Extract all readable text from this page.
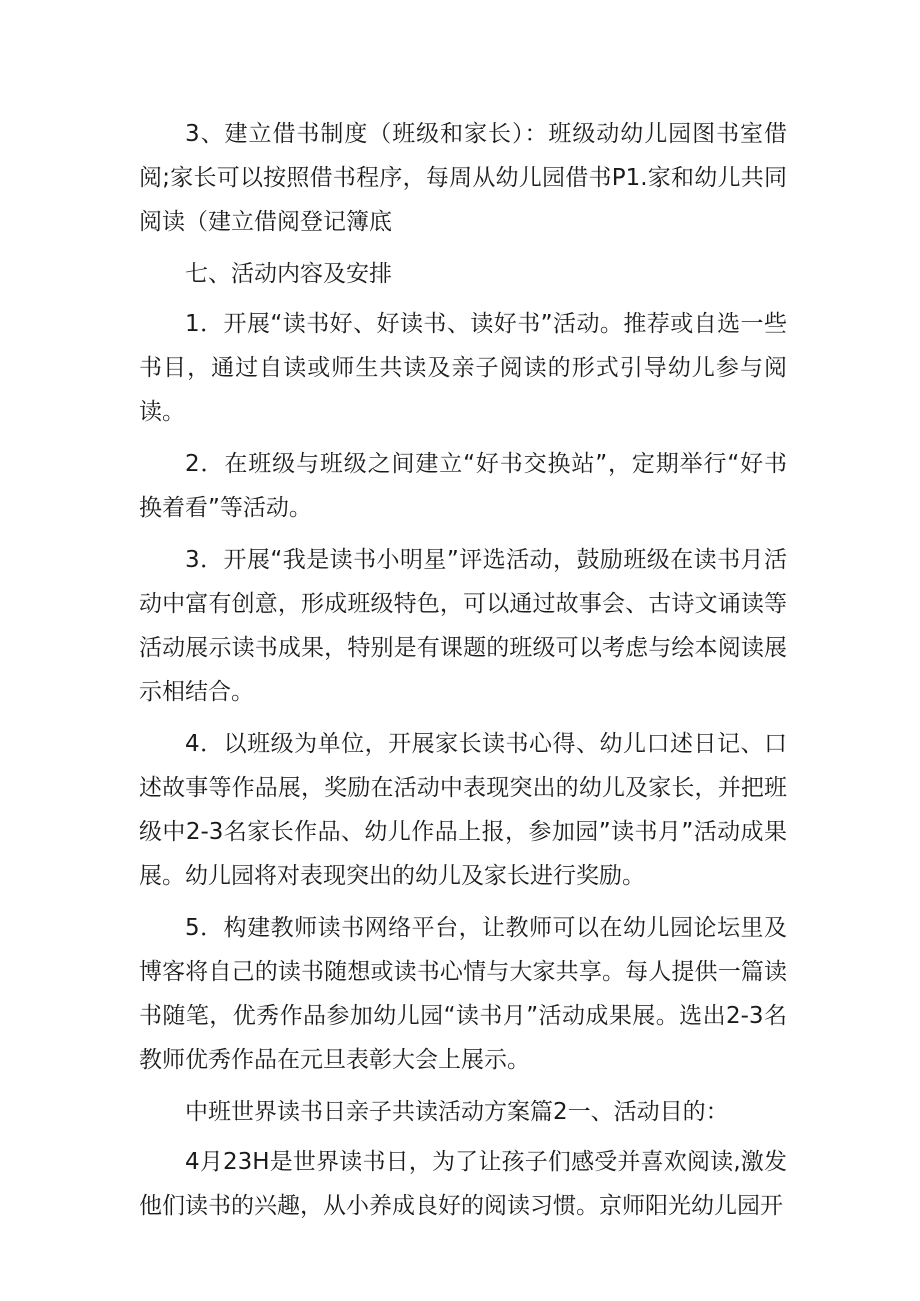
3、建立借书制度（班级和家长）：班级动幼儿园图书室借阅;家长可以按照借书程序，每周从幼儿园借书P1.家和幼儿共同阅读（建立借阅登记簿底

七、活动内容及安排

1．开展“读书好、好读书、读好书”活动。推荐或自选一些书目，通过自读或师生共读及亲子阅读的形式引导幼儿参与阅读。

2．在班级与班级之间建立“好书交换站”，定期举行“好书换着看”等活动。

3．开展“我是读书小明星”评选活动，鼓励班级在读书月活动中富有创意，形成班级特色，可以通过故事会、古诗文诵读等活动展示读书成果，特别是有课题的班级可以考虑与绘本阅读展示相结合。

4．以班级为单位，开展家长读书心得、幼儿口述日记、口述故事等作品展，奖励在活动中表现突出的幼儿及家长，并把班级中2-3名家长作品、幼儿作品上报，参加园”读书月”活动成果展。幼儿园将对表现突出的幼儿及家长进行奖励。

5．构建教师读书网络平台，让教师可以在幼儿园论坛里及博客将自己的读书随想或读书心情与大家共享。每人提供一篇读书随笔，优秀作品参加幼儿园“读书月”活动成果展。选出2-3名教师优秀作品在元旦表彰大会上展示。

中班世界读书日亲子共读活动方案篇2一、活动目的：

4月23H是世界读书日，为了让孩子们感受并喜欢阅读,激发他们读书的兴趣，从小养成良好的阅读习惯。京师阳光幼儿园开
